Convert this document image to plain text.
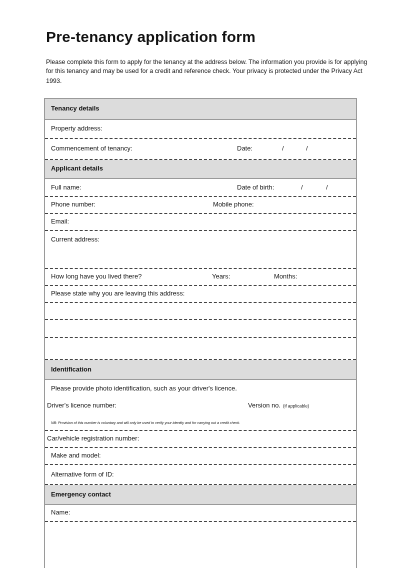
Pre-tenancy application form
Please complete this form to apply for the tenancy at the address below. The information you provide is for applying for this tenancy and may be used for a credit and reference check. Your privacy is protected under the Privacy Act 1993.
Tenancy details
Property address:
Commencement of tenancy:	Date:	/	/
Applicant details
Full name:	Date of birth:	/	/
Phone number:	Mobile phone:
Email:
Current address:
How long have you lived there?	Years:	Months:
Please state why you are leaving this address:
Identification
Please provide photo identification, such as your driver's licence.
Driver's licence number:	Version no. (if applicable)
NB: Provision of this number is voluntary and will only be used to verify your identity and for carrying out a credit check.
Car/vehicle registration number:
Make and model:
Alternative form of ID:
Emergency contact
Name:
